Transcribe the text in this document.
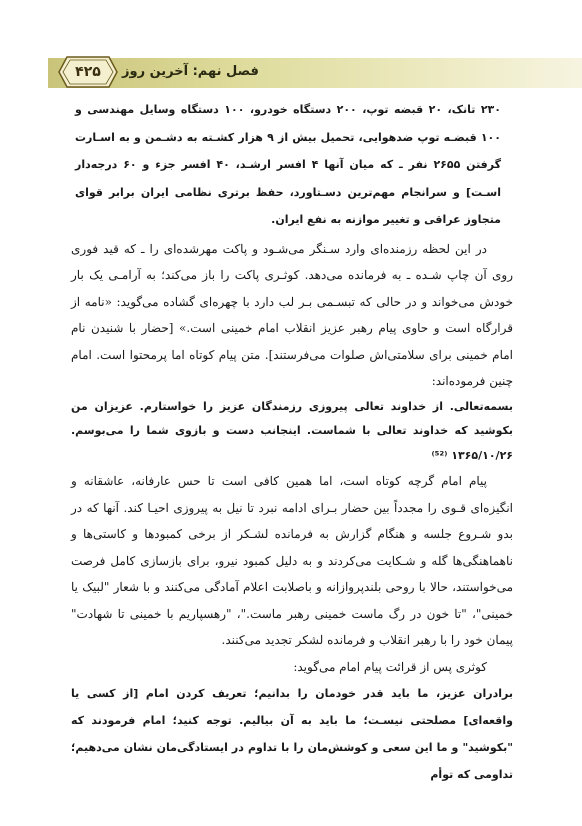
۴۲۵	فصل نهم: آخرین روز

۲۳۰ تانک، ۲۰ قبضه توپ، ۲۰۰ دستگاه خودرو، ۱۰۰ دستگاه وسایل مهندسی و ۱۰۰ قبضـه توپ ضدهوایی، تحمیل بیش از ۹ هزار کشـته به دشـمن و به اسـارت گرفتن ۲۶۵۵ نفر ـ که میان آنها ۴ افسر ارشـد، ۴۰ افسر جزء و ۶۰ درجه‌دار اسـت] و سرانجام مهم‌ترین دسـتاورد، حفظ برتری نظامی ایران برابر قوای متجاوز عراقی و تغییر موازنه به نفع ایران.

در این لحظه رزمنده‌ای وارد سـنگر می‌شـود و پاکت مهرشده‌ای را ـ که قید فوری روی آن چاپ شـده ـ به فرمانده می‌دهد. کوثـری پاکت را باز می‌کند؛ به آرامـی یک بار خودش می‌خواند و در حالی که تبسـمی بـر لب دارد با چهره‌ای گشاده می‌گوید: «نامه از قرارگاه است و حاوی پیام رهبر عزیز انقلاب امام خمینی است.» [حضار با شنیدن نام امام خمینی برای سلامتی‌اش صلوات می‌فرستند]. متن پیام کوتاه اما پرمحتوا است. امام چنین فرموده‌اند:

بسمه‌تعالی. از خداوند تعالی پیروزی رزمندگان عزیز را خواستارم. عزیزان من بکوشید که خداوند تعالی با شماست. اینجانب دست و بازوی شما را می‌بوسم. ۱۳۶۵/۱۰/۲۶ ⁽⁵²⁾

پیام امام گرچه کوتاه است، اما همین کافی است تا حس عارفانه، عاشقانه و انگیزه‌ای قـوی را مجدداً بین حضار بـرای ادامه نبرد تا نیل به پیروزی احیـا کند. آنها که در بدو شـروع جلسه و هنگام گزارش به فرمانده لشـکر از برخی کمبودها و کاستی‌ها و ناهماهنگی‌ها گله و شـکایت می‌کردند و به دلیل کمبود نیرو، برای بازسازی کامل فرصت می‌خواستند، حالا با روحی بلندپروازانه و باصلابت اعلام آمادگی می‌کنند و با شعار "لبیک یا خمینی"، "تا خون در رگ ماست خمینی رهبر ماست."، "رهسپاریم با خمینی تا شهادت" پیمان خود را با رهبر انقلاب و فرمانده لشکر تجدید می‌کنند.

کوثری پس از قرائت پیام امام می‌گوید:

برادران عزیز، ما باید قدر خودمان را بدانیم؛ تعریف کردن امام [از کسی یا واقعه‌ای] مصلحتی نیسـت؛ ما باید به آن بیالیم. توجه کنید؛ امام فرمودند که "بکوشید" و ما این سعی و کوشش‌مان را با تداوم در ایستادگی‌مان نشان می‌دهیم؛ تداومی که توأم
